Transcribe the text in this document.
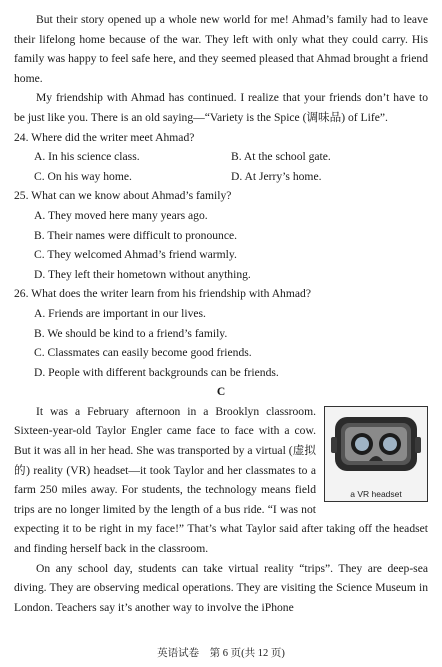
But their story opened up a whole new world for me! Ahmad’s family had to leave their lifelong home because of the war. They left with only what they could carry. His family was happy to feel safe here, and they seemed pleased that Ahmad brought a friend home.

My friendship with Ahmad has continued. I realize that your friends don’t have to be just like you. There is an old saying—“Variety is the Spice (调味品) of Life”.

24. Where did the writer meet Ahmad?

A. In his science class.	B. At the school gate.
C. On his way home.	D. At Jerry’s home.

25. What can we know about Ahmad’s family?

A. They moved here many years ago.

B. Their names were difficult to pronounce.

C. They welcomed Ahmad’s friend warmly.

D. They left their hometown without anything.

26. What does the writer learn from his friendship with Ahmad?

A. Friends are important in our lives.

B. We should be kind to a friend’s family.

C. Classmates can easily become good friends.

D. People with different backgrounds can be friends.

C

a VR headset

It was a February afternoon in a Brooklyn classroom. Sixteen-year-old Taylor Engler came face to face with a cow. But it was all in her head. She was transported by a virtual (虚拟的) reality (VR) headset—it took Taylor and her classmates to a farm 250 miles away. For students, the technology means field trips are no longer limited by the length of a bus ride. “I was not expecting it to be right in my face!” That’s what Taylor said after taking off the headset and finding herself back in the classroom.

On any school day, students can take virtual reality “trips”. They are deep-sea diving. They are observing medical operations. They are visiting the Science Museum in London. Teachers say it’s another way to involve the iPhone

英语试卷　第 6 页(共 12 页)
